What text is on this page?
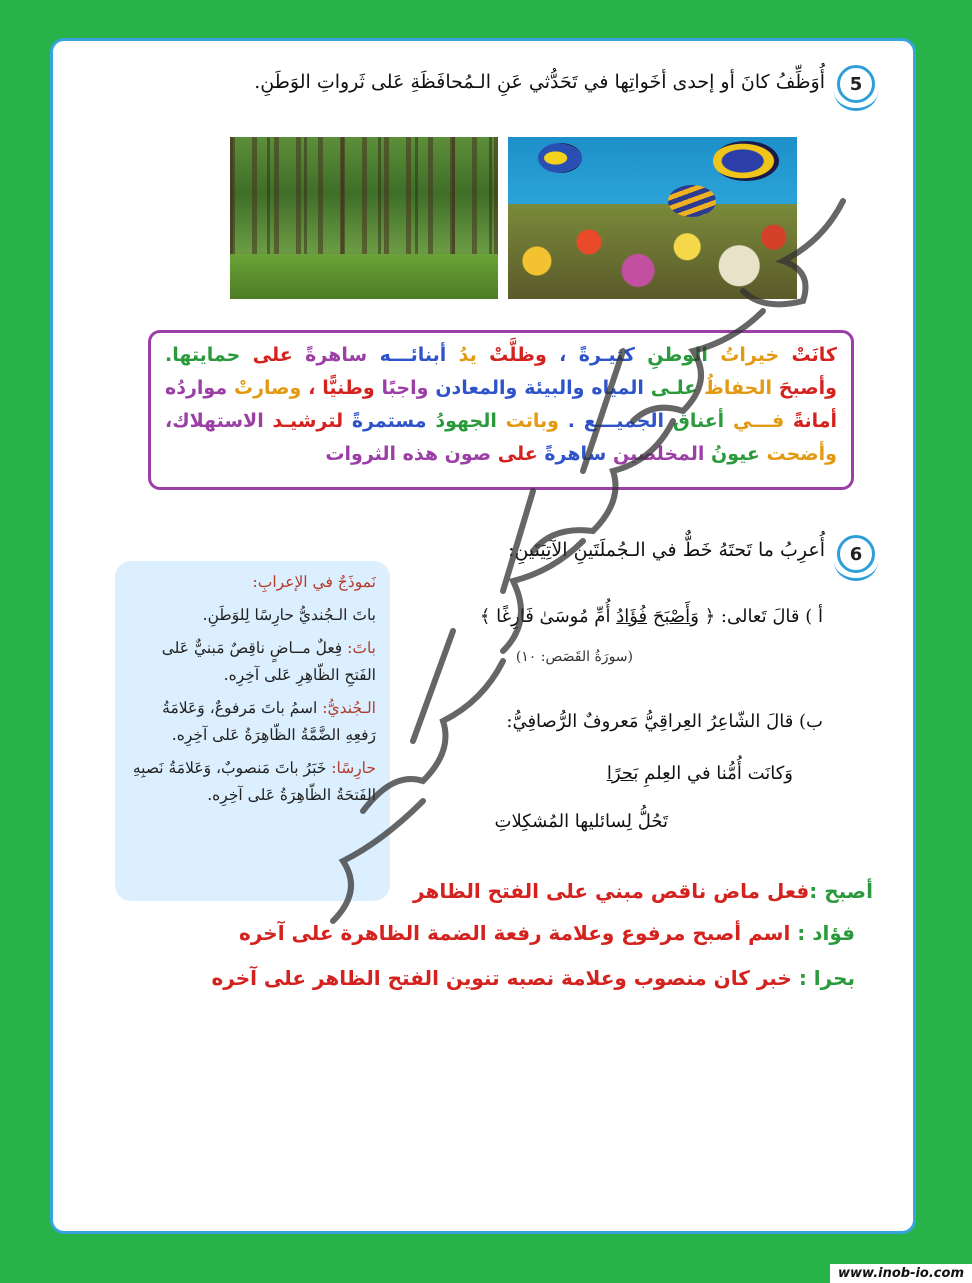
5
أُوَظِّفُ كانَ أو إحدى أخَواتِها في تَحَدُّثي عَنِ الـمُحافَظَةِ عَلى ثَرواتِ الوَطَنِ.
كانَتْ خيراتُ الوطنِ كثيـرةً ، وظلَّتْ يدُ أبنائـــه ساهرةً على حمايتها. وأصبحَ الحفاظُ علـى المياه والبيئة والمعادن واجبًا وطنيًّا ، وصارتْ مواردُه أمانةً فـــي أعناق الجميـــع . وباتت الجهودُ مستمرةً لترشيـد الاستهلاك، وأضحت عيونُ المخلصين ساهرةً على صون هذه الثروات
6
أُعرِبُ ما تَحتَهُ خَطٌّ في الـجُملَتَينِ الآتِيَتَينِ:
أ ) قالَ تَعالى: ﴿ وَأَصْبَحَ فُؤَادُ أُمِّ مُوسَىٰ فَارِغًا ﴾
(سورَةُ القَصَص: ١٠)
ب) قالَ الشّاعِرُ العِراقِيُّ مَعروفٌ الرُّصافِيُّ:
وَكانَت أُمُّنا في العِلمِ بَحرًا
تَحُلُّ لِسائليها المُشكِلاتِ

نَموذَجٌ في الإعرابِ:

باتَ الـجُنديُّ حارِسًا لِلوَطَنِ.

باتَ: فِعلٌ مــاضٍ ناقِصٌ مَبنيٌّ عَلى الفَتحِ الظّاهِرِ عَلى آخِرِه.

الـجُنديُّ: اسمُ باتَ مَرفوعٌ، وَعَلامَةُ رَفعِهِ الضَّمَّةُ الظّاهِرَةُ عَلى آخِرِه.

حارِسًا: خَبَرُ باتَ مَنصوبٌ، وَعَلامَةُ نَصبِهِ الفَتحَةُ الظّاهِرَةُ عَلى آخِرِه.

أصبح :فعل ماض ناقص مبني على الفتح الظاهر
فؤاد : اسم أصبح مرفوع وعلامة رفعة الضمة الظاهرة على آخره
بحرا : خبر كان منصوب وعلامة نصبه تنوين الفتح الظاهر على آخره
www.inob-io.com
